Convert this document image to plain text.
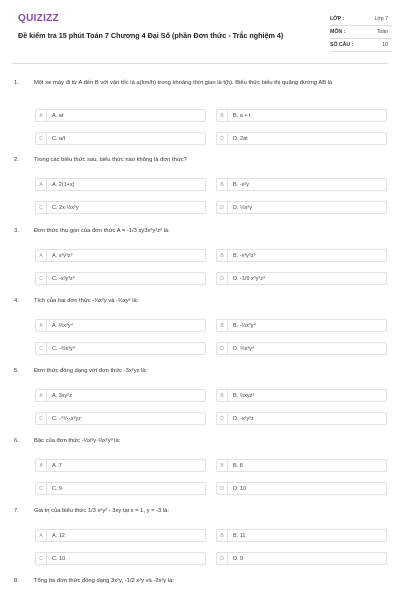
QUIZIZZ
Đề kiểm tra 15 phút Toán 7 Chương 4 Đại Số (phần Đơn thức - Trắc nghiệm 4)
LỚP :	Lớp 7
MÔN :	Toán
SỐ CÂU :	10
1.	Một xe máy đi từ A đến B với vận tốc là a(km/h) trong khoảng thời gian là t(h). Biểu thức biểu thị quãng đường AB là
A	A. at	B	B. a + t
C	C. a/t	D	D. 2at
2.	Trong các biểu thức sau, biểu thức nào không là đơn thức?
A	A. 2(1+x)	B	B. -x²y
C	C. 2x·½x²y	D	D. ⅓x²y
3.	Đơn thức thu gọn của đơn thức A = -1/3 xy3x²y²z³ là:
A	A. x³y³z³	B	B. -x³y³z³
C	C. -x³y³z³	D	D. -1/9 x³y³z³
4.	Tích của hai đơn thức -⅓x²y và -⅔xy³ là:
A	A. ⅔x³y⁴	B	B. -⅔x³y⁴
C	C. -⅔x³y⁴	D	D. ⅔x³y⁴
5.	Đơn thức đồng dạng với đơn thức -3x²yz là:
A	A. 3xy²z	B	B. ⅔xyz²
C	C. -⁴⁹⁄₅₅x²yz	D	D. -x²y²z
6.	Bậc của đơn thức -⅓x²y·⅔x²y³ là:
A	A. 7	B	B. 8
C	C. 9	D	D. 10
7.	Giá trị của biểu thức 1/3 x²y² - 3xy tại x = 1, y = -3 là:
A	A. 12	B	B. 11
C	C. 10	D	D. 9
8.	Tổng ba đơn thức đồng dạng 3x²y, -1/2 x²y và -2x²y là:
